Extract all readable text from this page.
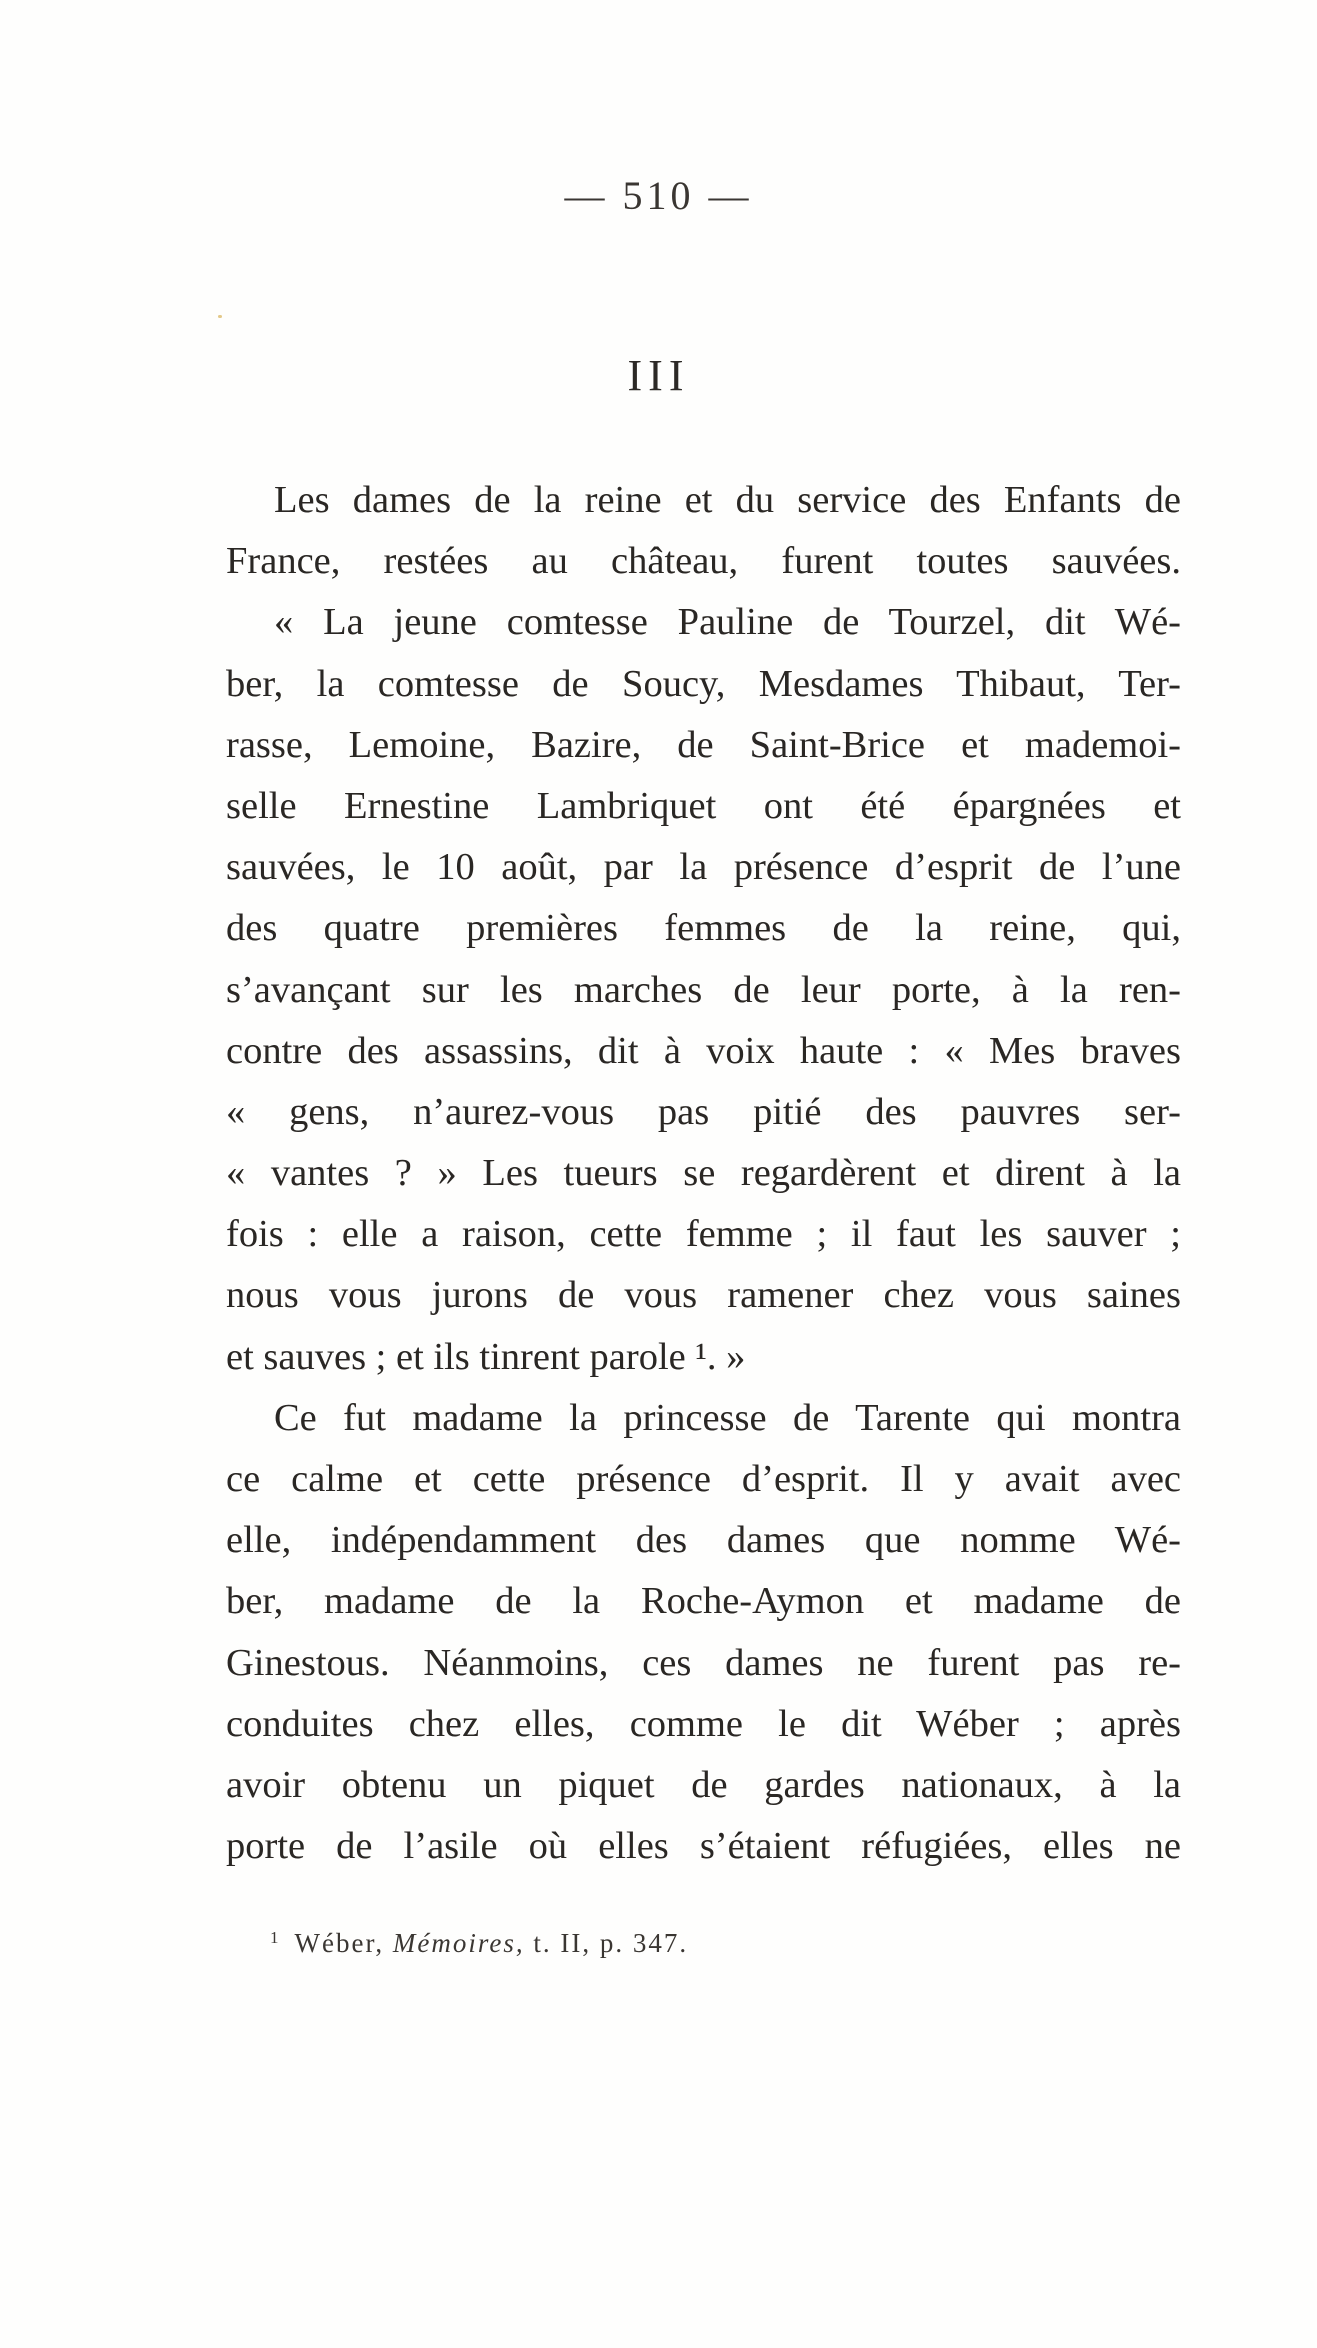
— 510 —
III
Les dames de la reine et du service des Enfants de
France, restées au château, furent toutes sauvées.
« La jeune comtesse Pauline de Tourzel, dit Wé-
ber, la comtesse de Soucy, Mesdames Thibaut, Ter-
rasse, Lemoine, Bazire, de Saint-Brice et mademoi-
selle Ernestine Lambriquet ont été épargnées et
sauvées, le 10 août, par la présence d’esprit de l’une
des quatre premières femmes de la reine, qui,
s’avançant sur les marches de leur porte, à la ren-
contre des assassins, dit à voix haute : « Mes braves
« gens, n’aurez-vous pas pitié des pauvres ser-
« vantes ? » Les tueurs se regardèrent et dirent à la
fois : elle a raison, cette femme ; il faut les sauver ;
nous vous jurons de vous ramener chez vous saines
et sauves ; et ils tinrent parole ¹. »
Ce fut madame la princesse de Tarente qui montra
ce calme et cette présence d’esprit. Il y avait avec
elle, indépendamment des dames que nomme Wé-
ber, madame de la Roche-Aymon et madame de
Ginestous. Néanmoins, ces dames ne furent pas re-
conduites chez elles, comme le dit Wéber ; après
avoir obtenu un piquet de gardes nationaux, à la
porte de l’asile où elles s’étaient réfugiées, elles ne
$^1$ Wéber, Mémoires, t. II, p. 347.
